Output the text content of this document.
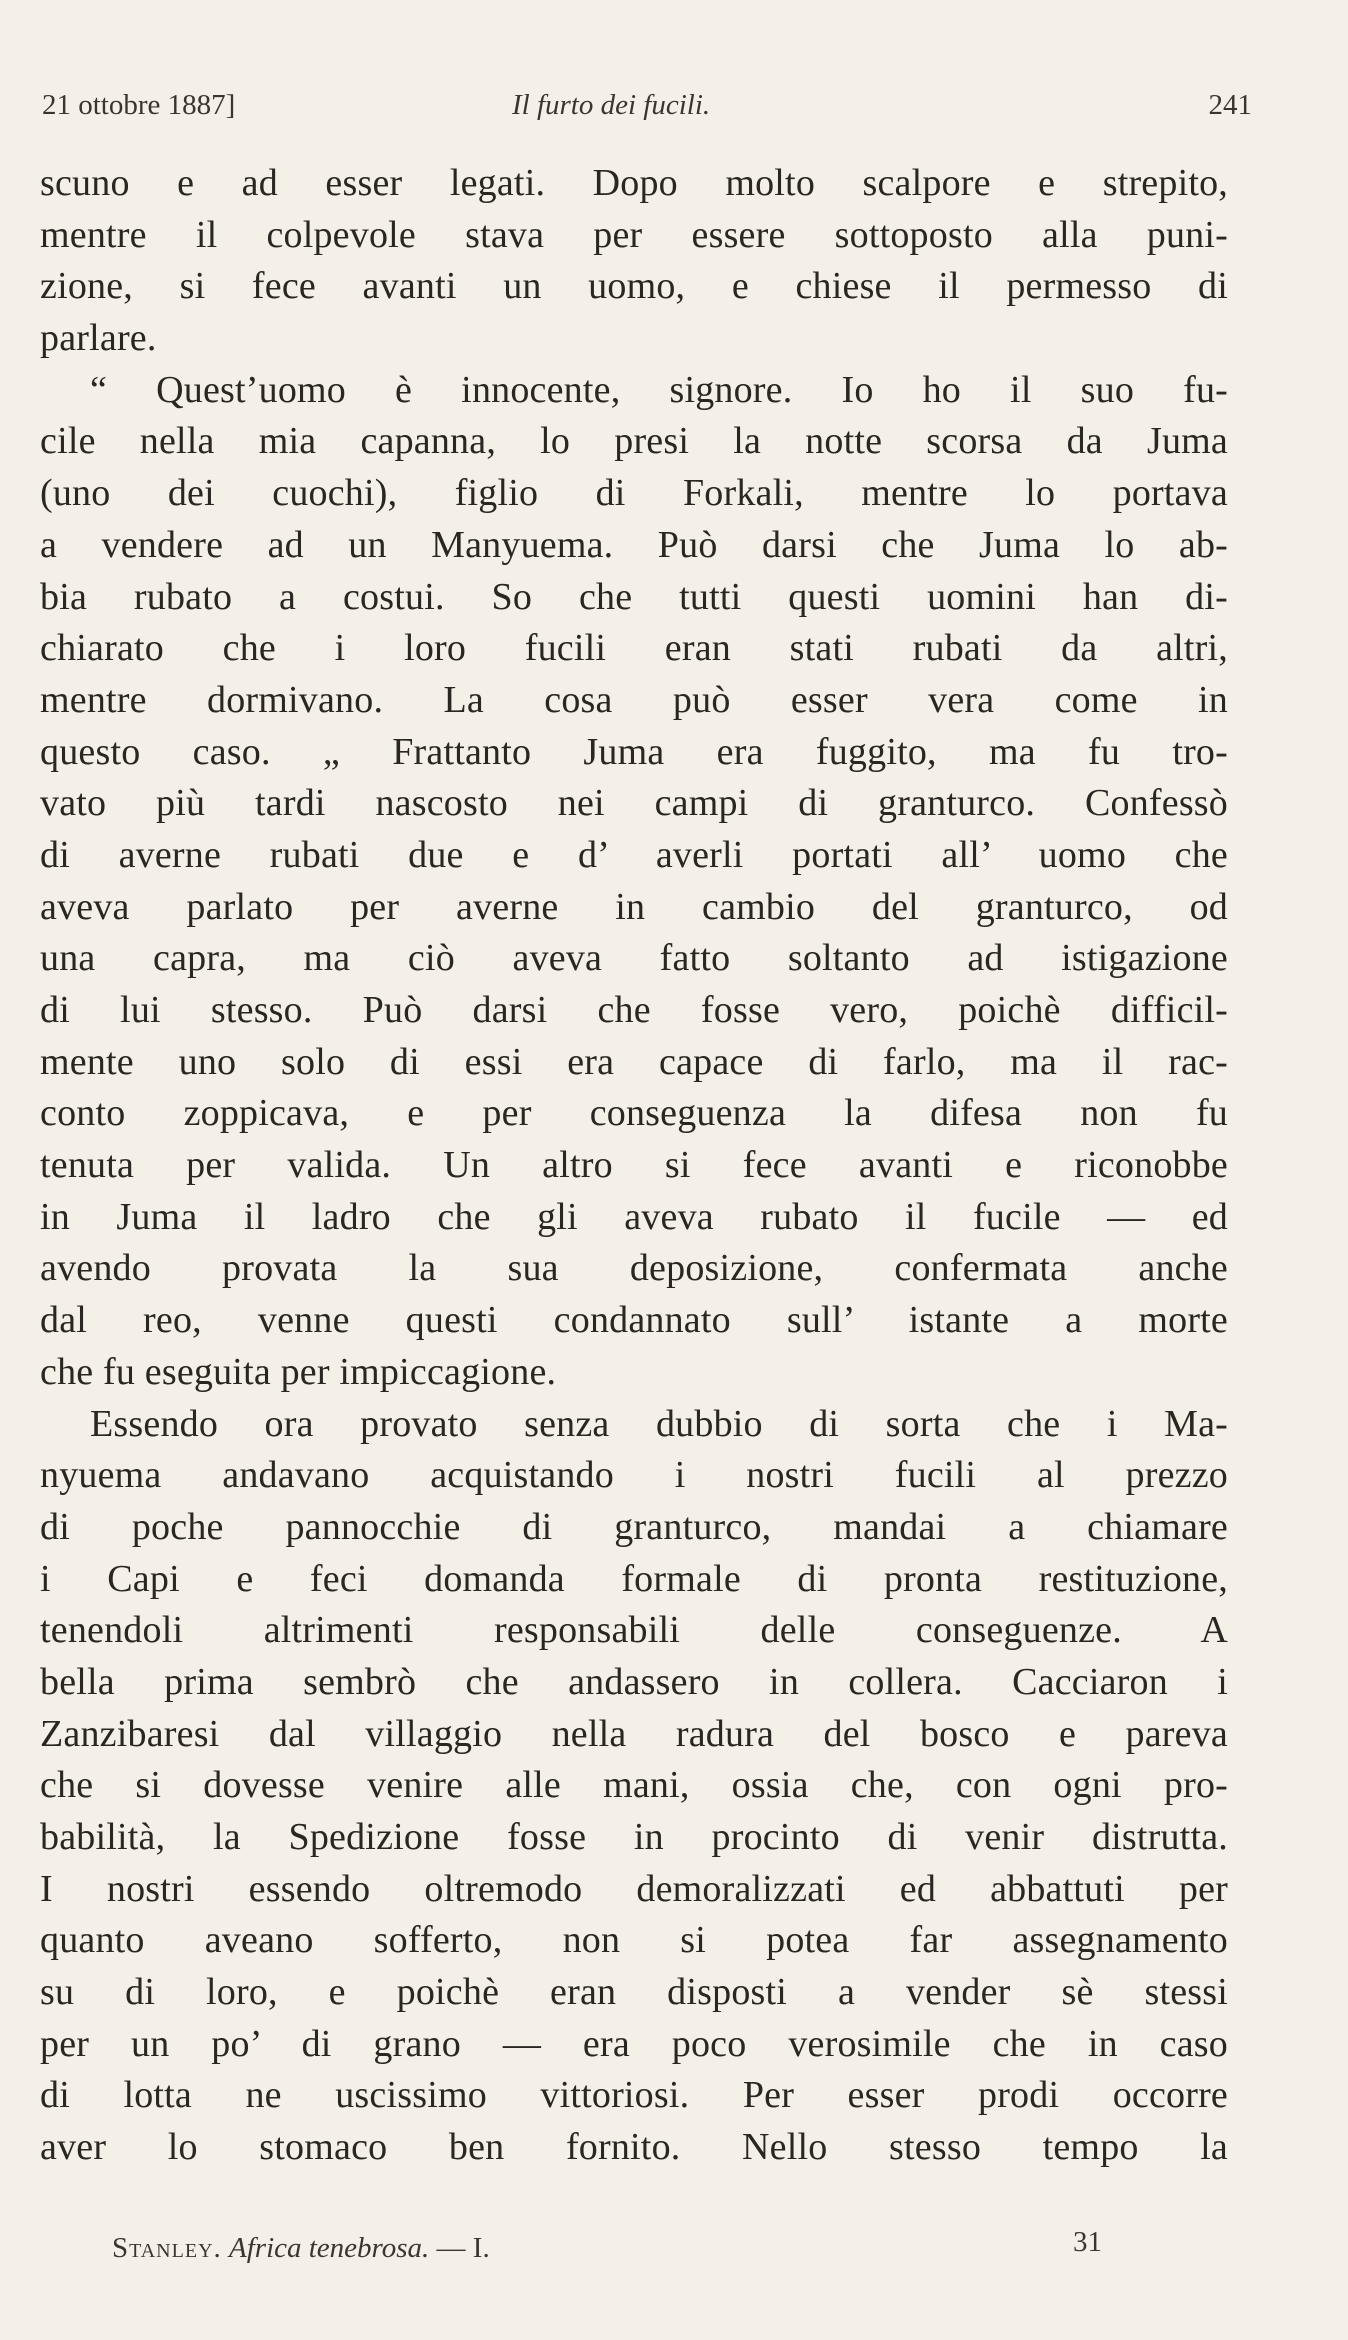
21 ottobre 1887]	Il furto dei fucili.	241
scuno e ad esser legati. Dopo molto scalpore e strepito,
mentre il colpevole stava per essere sottoposto alla puni-
zione, si fece avanti un uomo, e chiese il permesso di
parlare.
“ Quest’uomo è innocente, signore. Io ho il suo fu-
cile nella mia capanna, lo presi la notte scorsa da Juma
(uno dei cuochi), figlio di Forkali, mentre lo portava
a vendere ad un Manyuema. Può darsi che Juma lo ab-
bia rubato a costui. So che tutti questi uomini han di-
chiarato che i loro fucili eran stati rubati da altri,
mentre dormivano. La cosa può esser vera come in
questo caso. „ Frattanto Juma era fuggito, ma fu tro-
vato più tardi nascosto nei campi di granturco. Confessò
di averne rubati due e d’ averli portati all’ uomo che
aveva parlato per averne in cambio del granturco, od
una capra, ma ciò aveva fatto soltanto ad istigazione
di lui stesso. Può darsi che fosse vero, poichè difficil-
mente uno solo di essi era capace di farlo, ma il rac-
conto zoppicava, e per conseguenza la difesa non fu
tenuta per valida. Un altro si fece avanti e riconobbe
in Juma il ladro che gli aveva rubato il fucile — ed
avendo provata la sua deposizione, confermata anche
dal reo, venne questi condannato sull’ istante a morte
che fu eseguita per impiccagione.
Essendo ora provato senza dubbio di sorta che i Ma-
nyuema andavano acquistando i nostri fucili al prezzo
di poche pannocchie di granturco, mandai a chiamare
i Capi e feci domanda formale di pronta restituzione,
tenendoli altrimenti responsabili delle conseguenze. A
bella prima sembrò che andassero in collera. Cacciaron i
Zanzibaresi dal villaggio nella radura del bosco e pareva
che si dovesse venire alle mani, ossia che, con ogni pro-
babilità, la Spedizione fosse in procinto di venir distrutta.
I nostri essendo oltremodo demoralizzati ed abbattuti per
quanto aveano sofferto, non si potea far assegnamento
su di loro, e poichè eran disposti a vender sè stessi
per un po’ di grano — era poco verosimile che in caso
di lotta ne uscissimo vittoriosi. Per esser prodi occorre
aver lo stomaco ben fornito. Nello stesso tempo la
Stanley. Africa tenebrosa. — I.	31
